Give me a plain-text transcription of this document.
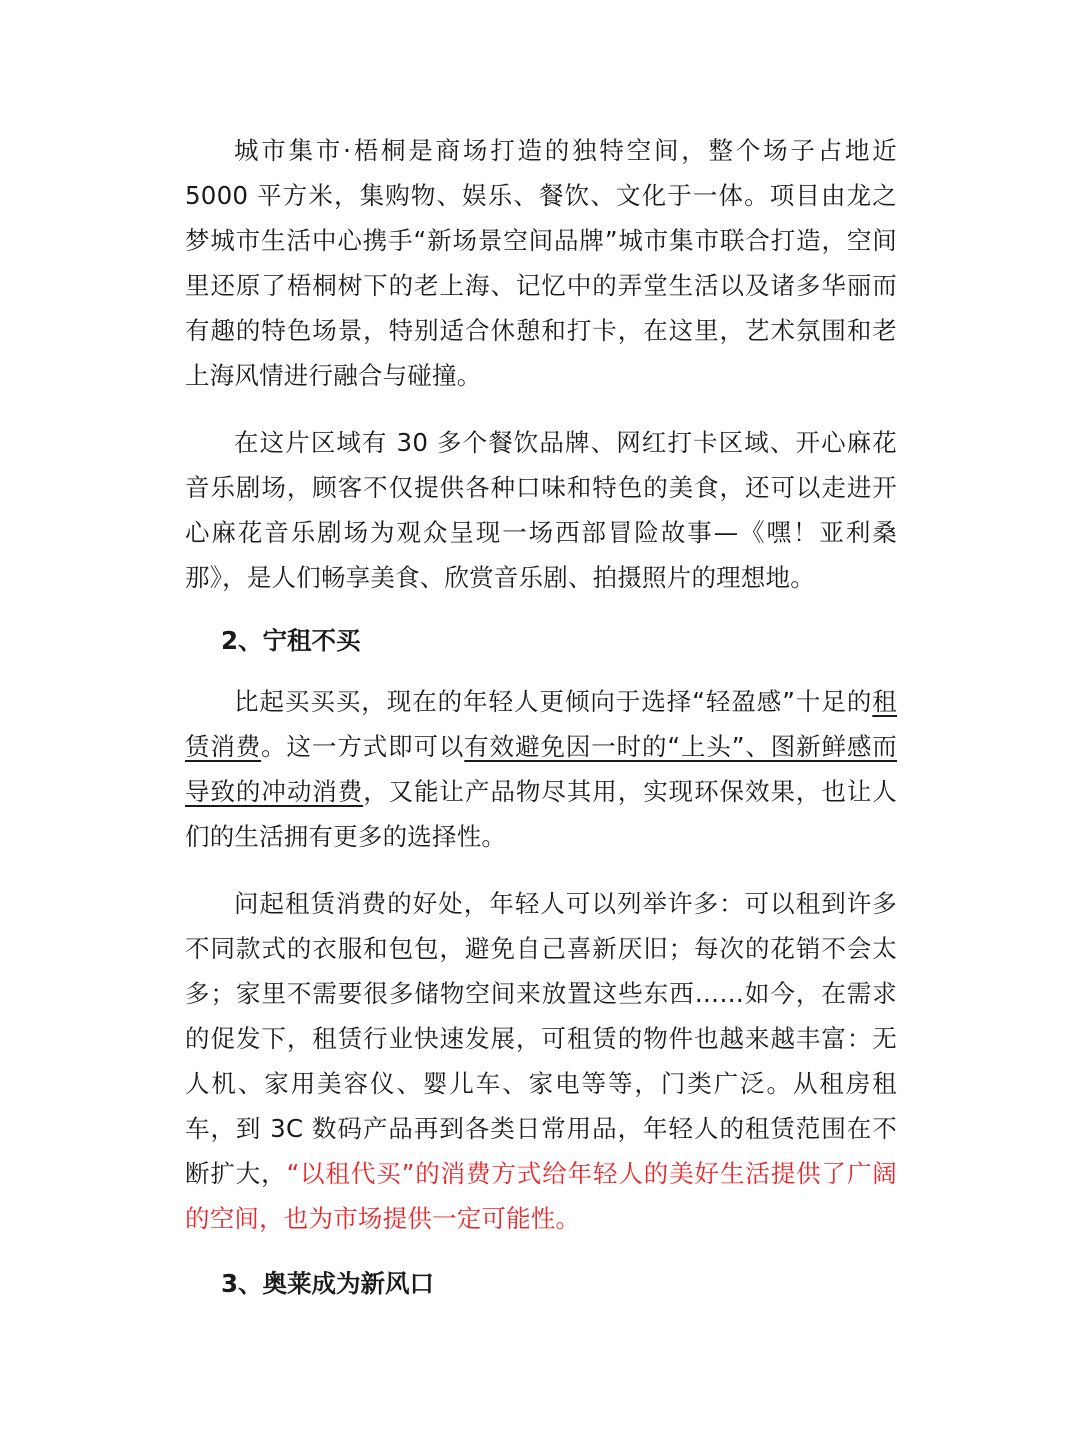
城市集市·梧桐是商场打造的独特空间，整个场子占地近 5000 平方米，集购物、娱乐、餐饮、文化于一体。项目由龙之梦城市生活中心携手“新场景空间品牌”城市集市联合打造，空间里还原了梧桐树下的老上海、记忆中的弄堂生活以及诸多华丽而有趣的特色场景，特别适合休憩和打卡，在这里，艺术氛围和老上海风情进行融合与碰撞。

在这片区域有 30 多个餐饮品牌、网红打卡区域、开心麻花音乐剧场，顾客不仅提供各种口味和特色的美食，还可以走进开心麻花音乐剧场为观众呈现一场西部冒险故事—《嘿！亚利桑那》，是人们畅享美食、欣赏音乐剧、拍摄照片的理想地。

2、宁租不买

比起买买买，现在的年轻人更倾向于选择“轻盈感”十足的租赁消费。这一方式即可以有效避免因一时的“上头”、图新鲜感而导致的冲动消费，又能让产品物尽其用，实现环保效果，也让人们的生活拥有更多的选择性。

问起租赁消费的好处，年轻人可以列举许多：可以租到许多不同款式的衣服和包包，避免自己喜新厌旧；每次的花销不会太多；家里不需要很多储物空间来放置这些东西……如今，在需求的促发下，租赁行业快速发展，可租赁的物件也越来越丰富：无人机、家用美容仪、婴儿车、家电等等，门类广泛。从租房租车，到 3C 数码产品再到各类日常用品，年轻人的租赁范围在不断扩大，“以租代买”的消费方式给年轻人的美好生活提供了广阔的空间，也为市场提供一定可能性。

3、奥莱成为新风口
